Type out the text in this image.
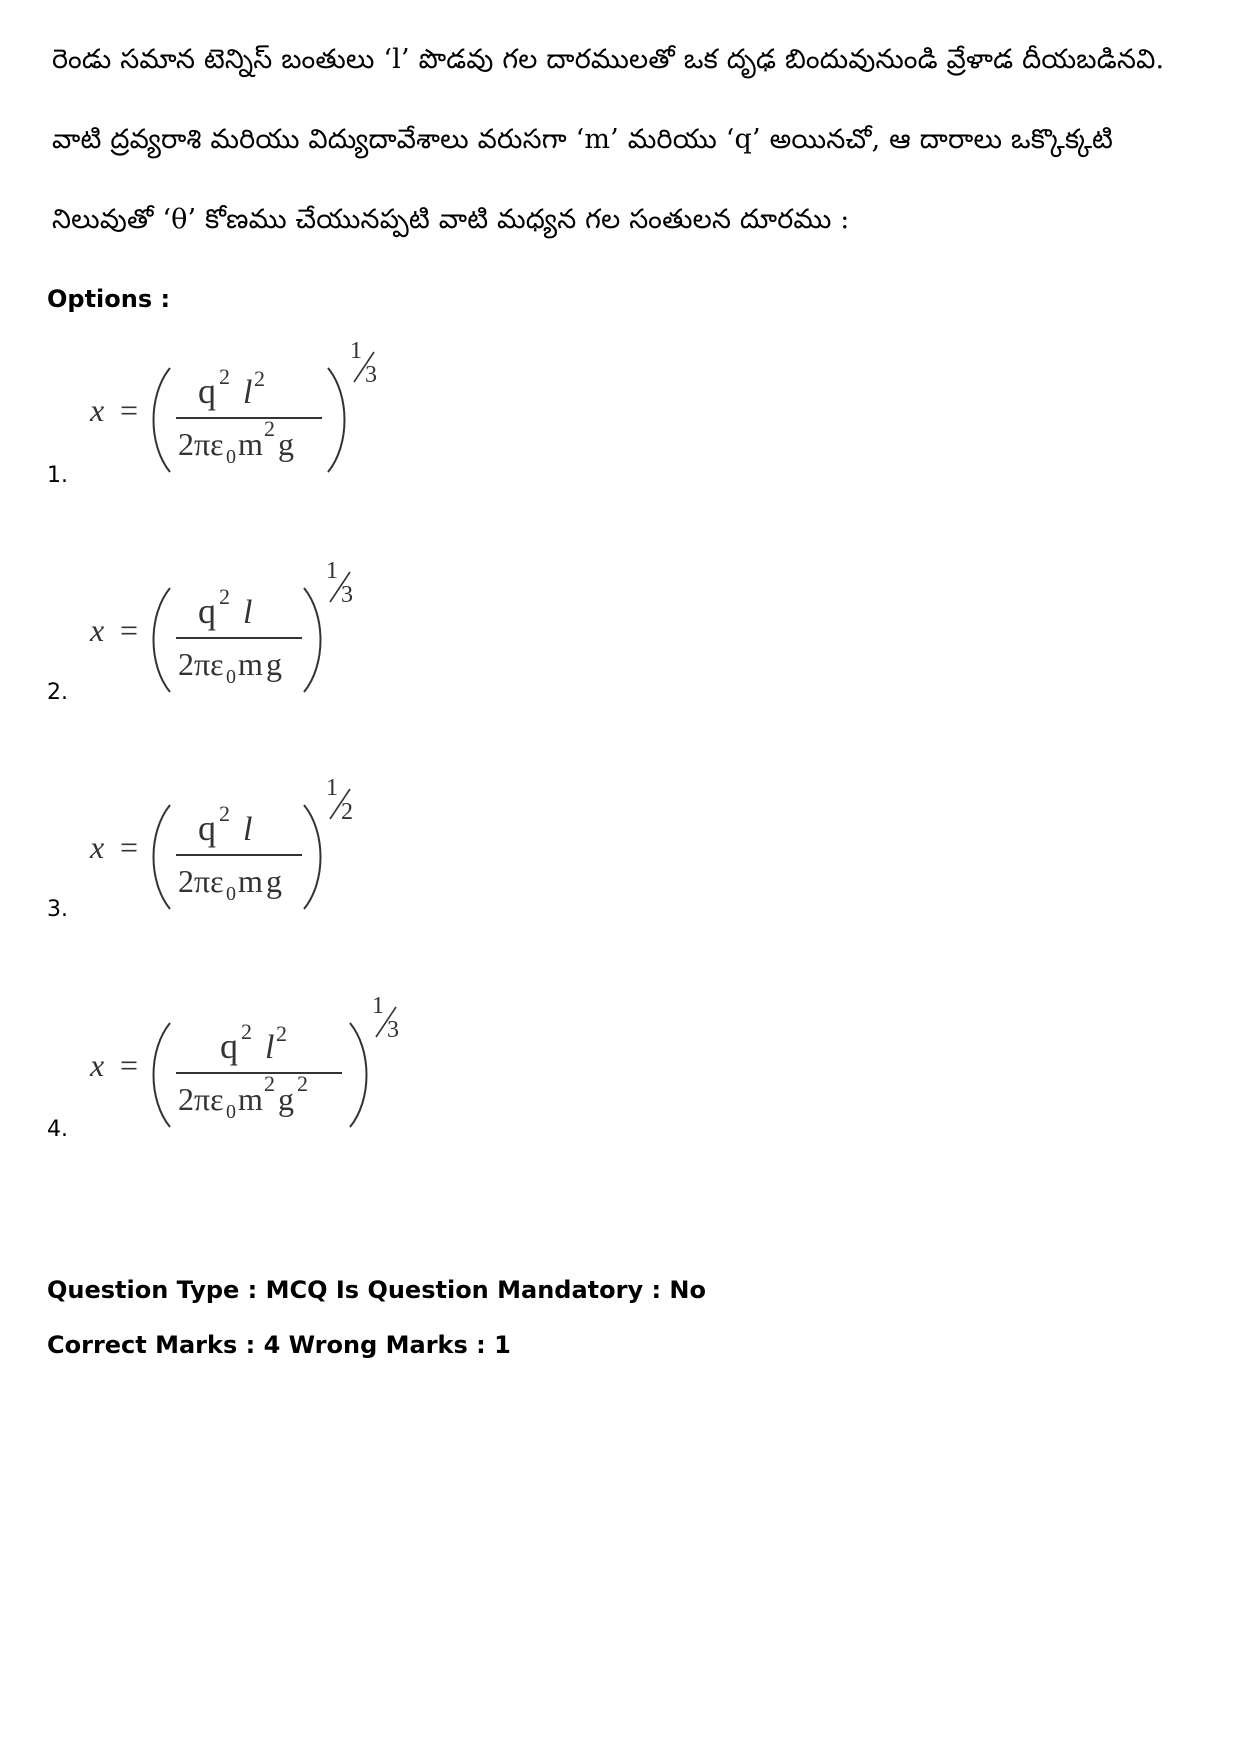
రెండు సమాన టెన్నిస్ బంతులు ‘l’ పొడవు గల దారములతో ఒక దృఢ బిందువునుండి వ్రేళాడ దీయబడినవి.
వాటి ద్రవ్యరాశి మరియు విద్యుదావేశాలు వరుసగా ‘m’ మరియు ‘q’ అయినచో, ఆ దారాలు ఒక్కొక్కటి
నిలువుతో ‘θ’ కోణము చేయునప్పటి వాటి మధ్యన గల సంతులన దూరము :
Options :
1.
x = q 2 l 2
2πε 0 m 2 g
1
3
2.
x = q 2 l
2πε 0 m g
1
3
3.
x = q 2 l
2πε 0 m g
1
2
4.
x = q 2 l 2
2πε 0 m 2 g 2
1
3
Question Type : MCQ Is Question Mandatory : No
Correct Marks : 4 Wrong Marks : 1
